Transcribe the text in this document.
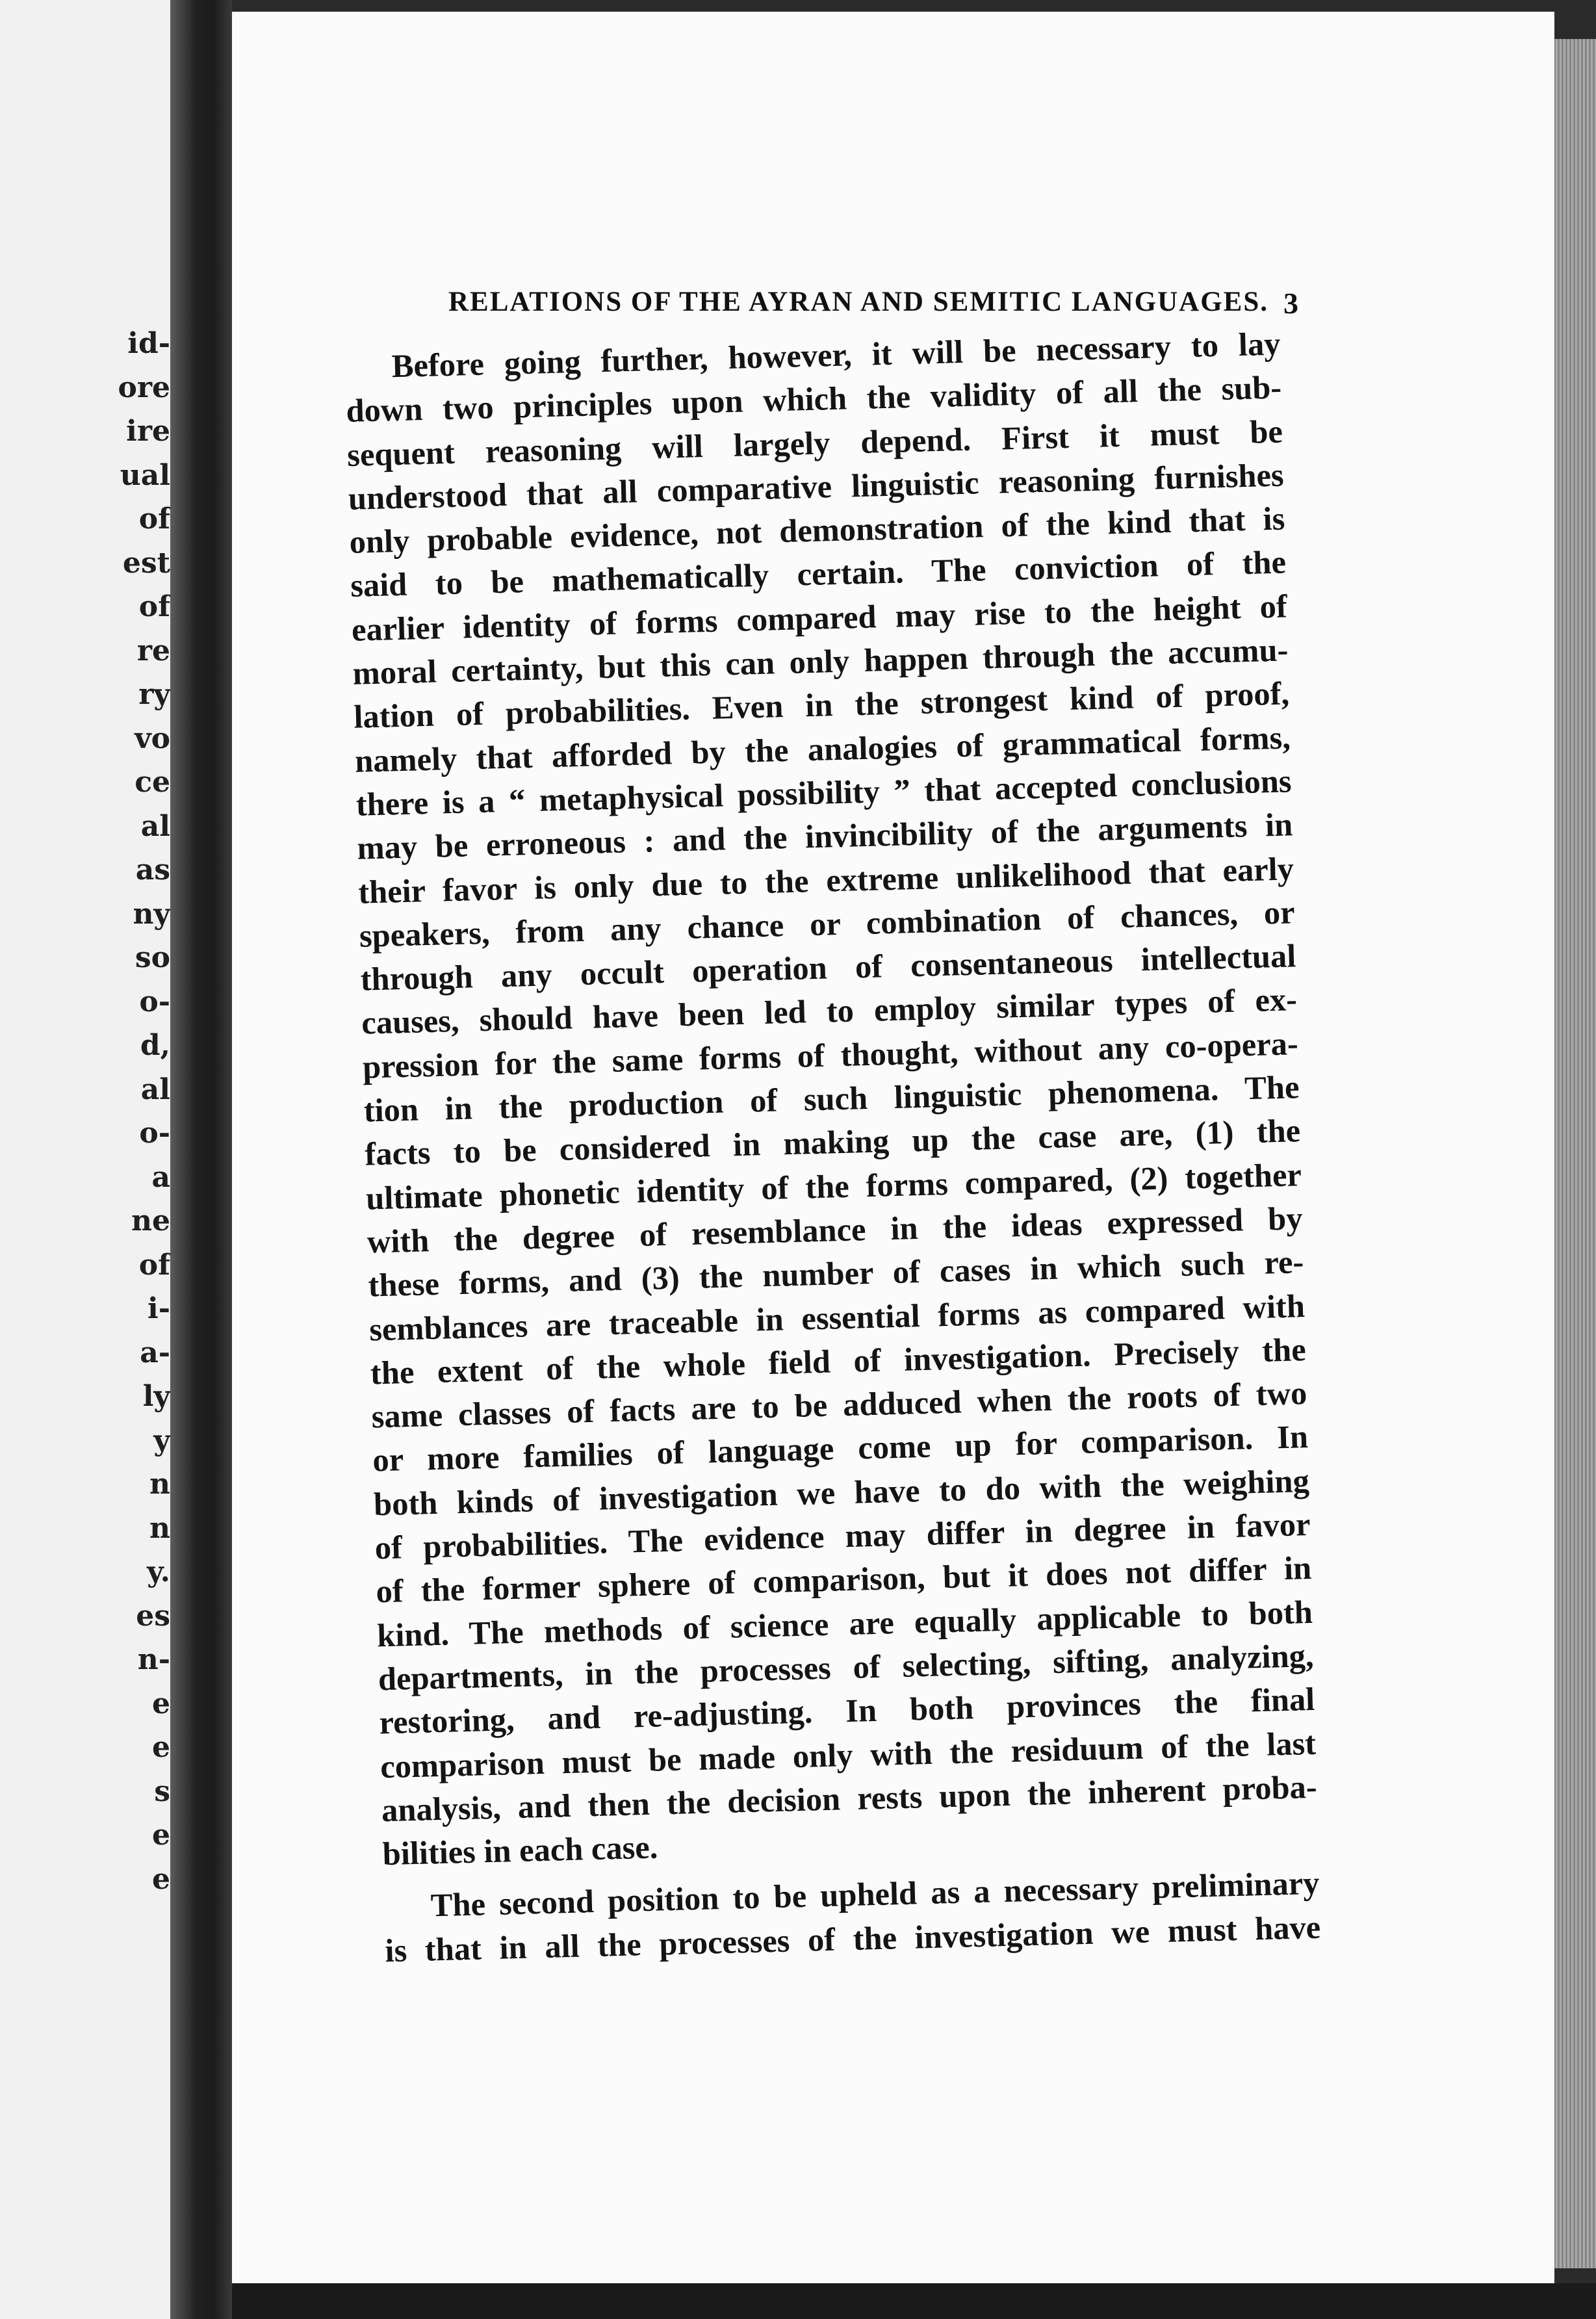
id-
ore
ire
ual
of
est
of
re
ry
vo
ce
al
as
ny
so
o-
d,
al
o-
a
ne
of
i-
a-
ly
y
n
n
y.
es
n-
e
e
s
e
e
RELATIONS OF THE AYRAN AND SEMITIC LANGUAGES. 3
Before going further, however, it will be necessary to lay
down two principles upon which the validity of all the sub-
sequent reasoning will largely depend. First it must be
understood that all comparative linguistic reasoning furnishes
only probable evidence, not demonstration of the kind that is
said to be mathematically certain. The conviction of the
earlier identity of forms compared may rise to the height of
moral certainty, but this can only happen through the accumu-
lation of probabilities. Even in the strongest kind of proof,
namely that afforded by the analogies of grammatical forms,
there is a “ metaphysical possibility ” that accepted conclusions
may be erroneous : and the invincibility of the arguments in
their favor is only due to the extreme unlikelihood that early
speakers, from any chance or combination of chances, or
through any occult operation of consentaneous intellectual
causes, should have been led to employ similar types of ex-
pression for the same forms of thought, without any co-opera-
tion in the production of such linguistic phenomena. The
facts to be considered in making up the case are, (1) the
ultimate phonetic identity of the forms compared, (2) together
with the degree of resemblance in the ideas expressed by
these forms, and (3) the number of cases in which such re-
semblances are traceable in essential forms as compared with
the extent of the whole field of investigation. Precisely the
same classes of facts are to be adduced when the roots of two
or more families of language come up for comparison. In
both kinds of investigation we have to do with the weighing
of probabilities. The evidence may differ in degree in favor
of the former sphere of comparison, but it does not differ in
kind. The methods of science are equally applicable to both
departments, in the processes of selecting, sifting, analyzing,
restoring, and re-adjusting. In both provinces the final
comparison must be made only with the residuum of the last
analysis, and then the decision rests upon the inherent proba-
bilities in each case.
The second position to be upheld as a necessary preliminary
is that in all the processes of the investigation we must have
